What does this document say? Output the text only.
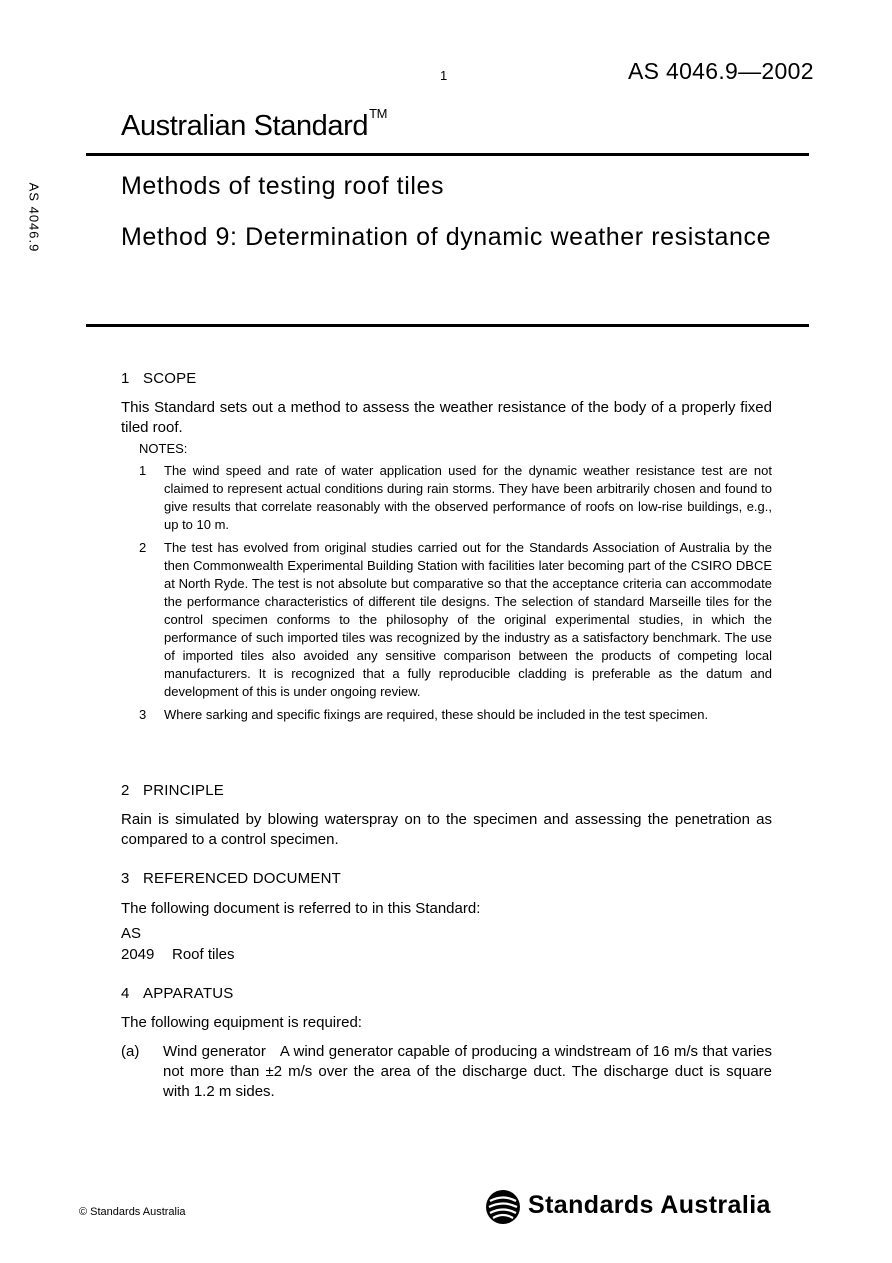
1	AS 4046.9—2002
Australian Standard™
AS 4046.9	Methods of testing roof tiles
Method 9: Determination of dynamic weather resistance
1 SCOPE
This Standard sets out a method to assess the weather resistance of the body of a properly fixed tiled roof.
NOTES:
1 The wind speed and rate of water application used for the dynamic weather resistance test are not claimed to represent actual conditions during rain storms. They have been arbitrarily chosen and found to give results that correlate reasonably with the observed performance of roofs on low-rise buildings, e.g., up to 10 m.
2 The test has evolved from original studies carried out for the Standards Association of Australia by the then Commonwealth Experimental Building Station with facilities later becoming part of the CSIRO DBCE at North Ryde. The test is not absolute but comparative so that the acceptance criteria can accommodate the performance characteristics of different tile designs. The selection of standard Marseille tiles for the control specimen conforms to the philosophy of the original experimental studies, in which the performance of such imported tiles was recognized by the industry as a satisfactory benchmark. The use of imported tiles also avoided any sensitive comparison between the products of competing local manufacturers. It is recognized that a fully reproducible cladding is preferable as the datum and development of this is under ongoing review.
3 Where sarking and specific fixings are required, these should be included in the test specimen.
2 PRINCIPLE
Rain is simulated by blowing waterspray on to the specimen and assessing the penetration as compared to a control specimen.
3 REFERENCED DOCUMENT
The following document is referred to in this Standard:
AS
2049 Roof tiles
4 APPARATUS
The following equipment is required:
(a) Wind generator A wind generator capable of producing a windstream of 16 m/s that varies not more than ±2 m/s over the area of the discharge duct. The discharge duct is square with 1.2 m sides.
© Standards Australia	Standards Australia
